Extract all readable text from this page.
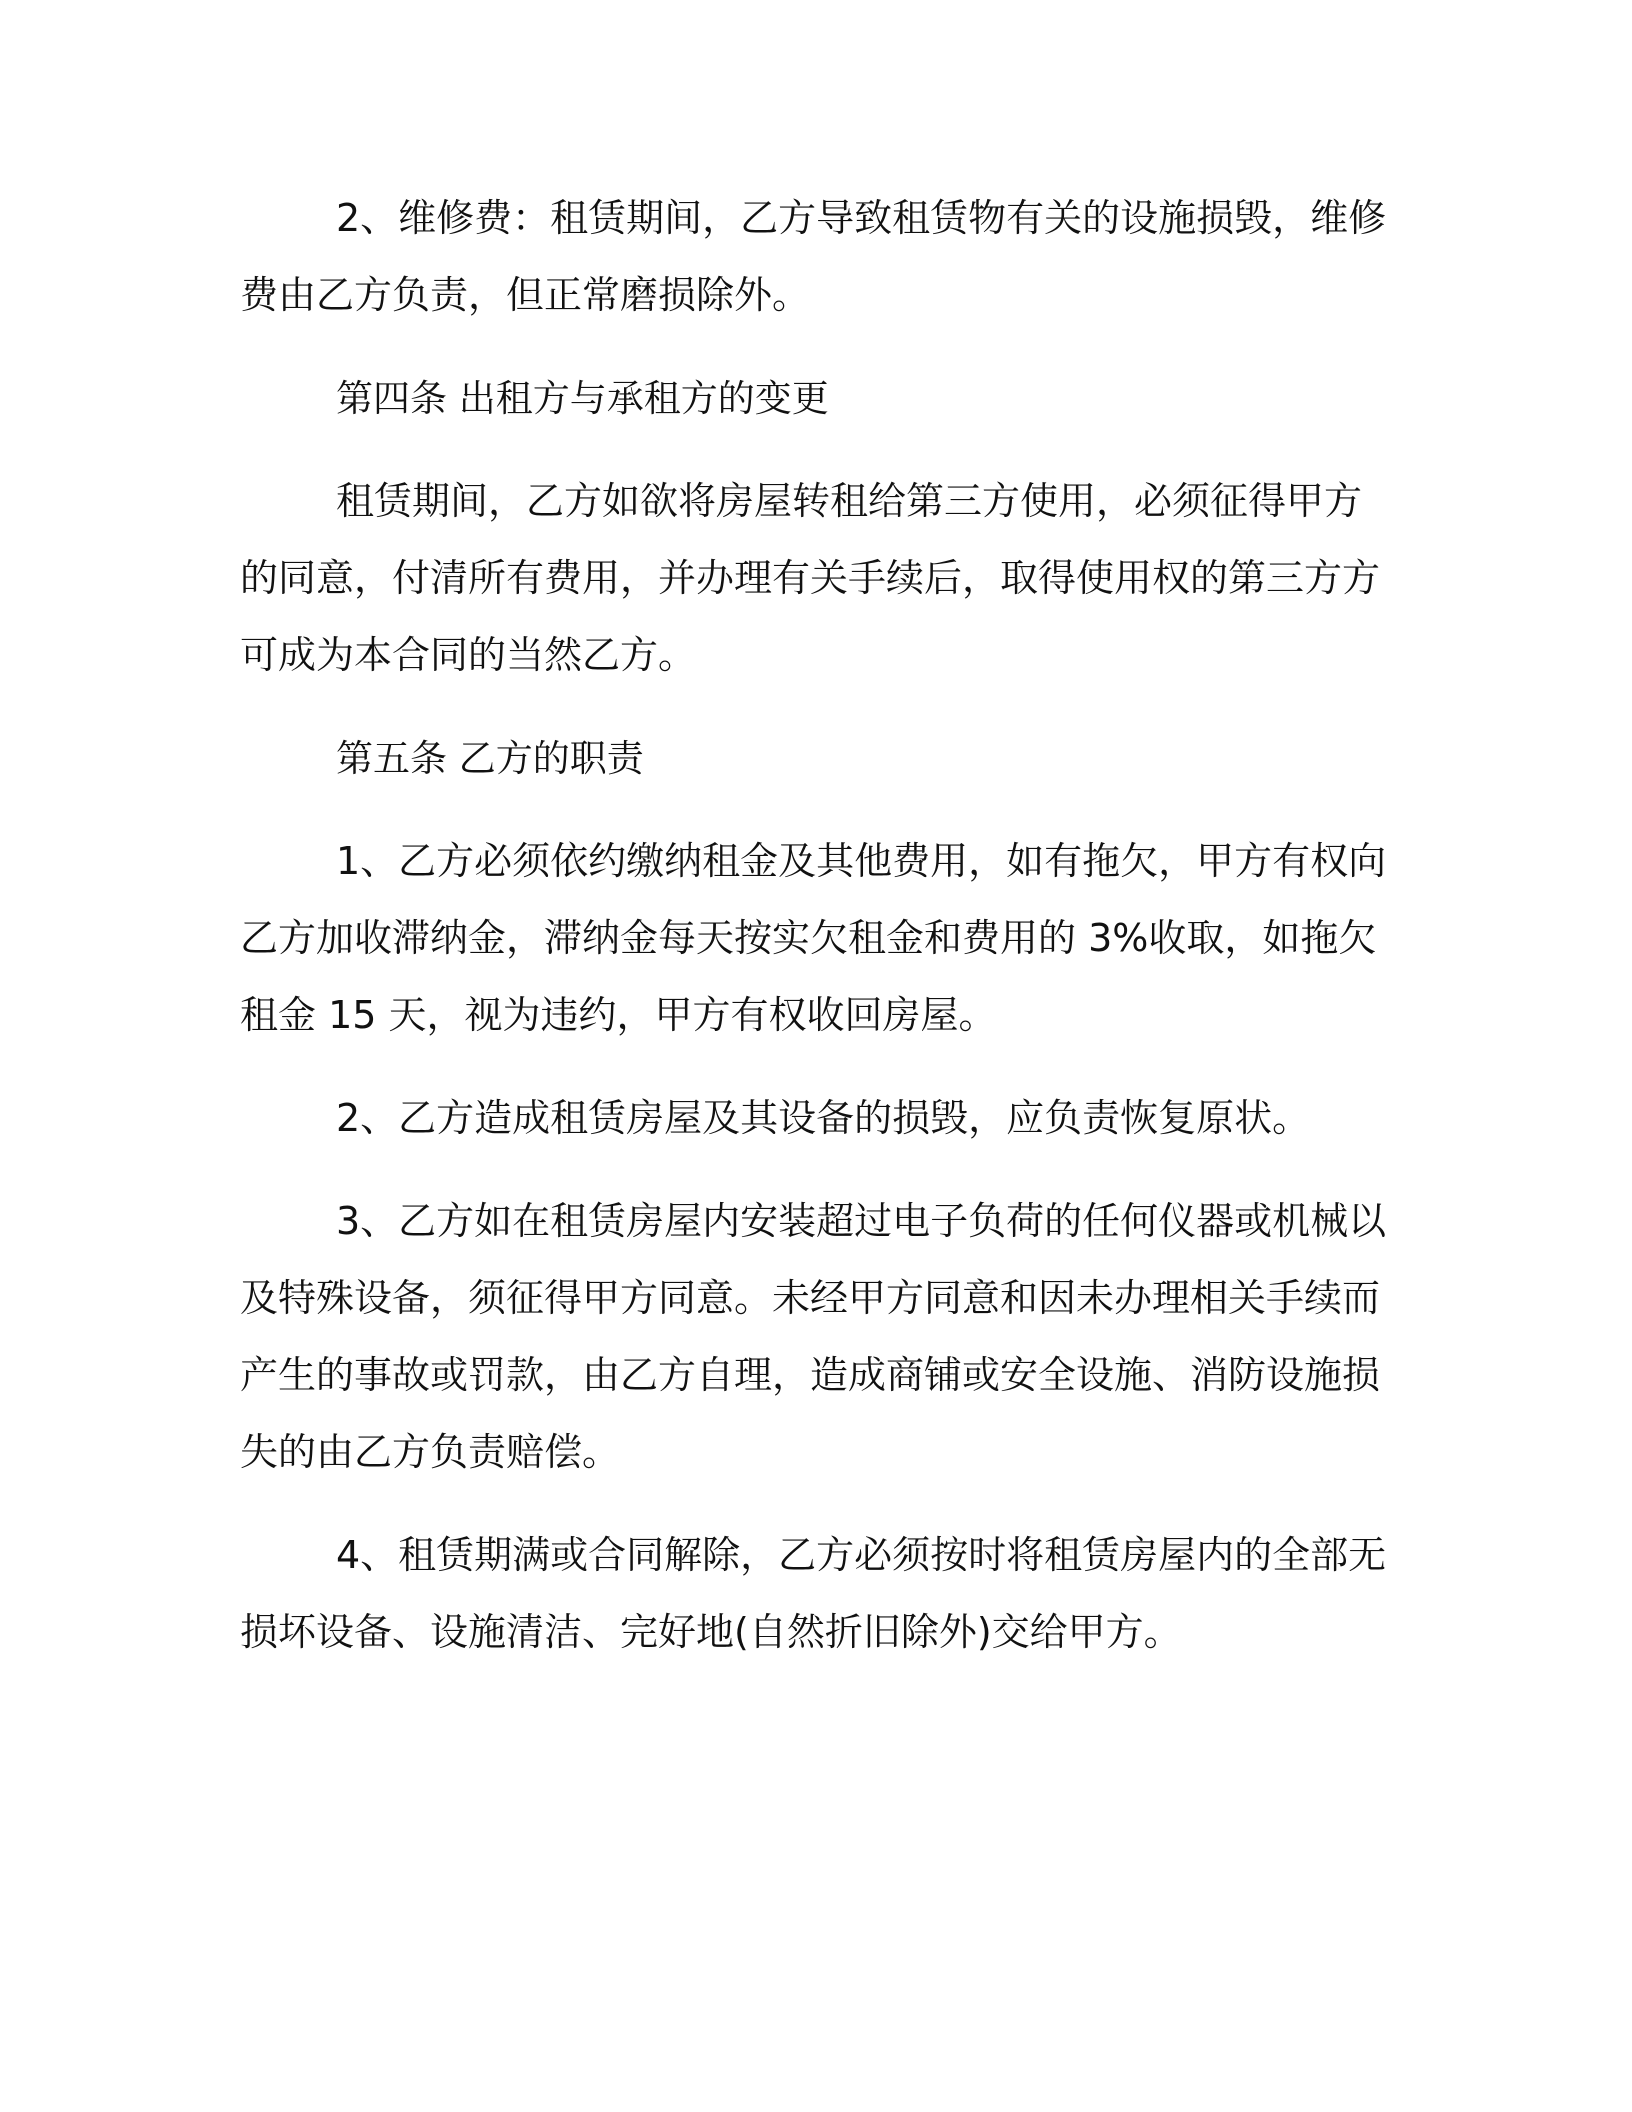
2、维修费：租赁期间，乙方导致租赁物有关的设施损毁，维修费由乙方负责，但正常磨损除外。

第四条 出租方与承租方的变更

租赁期间，乙方如欲将房屋转租给第三方使用，必须征得甲方的同意，付清所有费用，并办理有关手续后，取得使用权的第三方方可成为本合同的当然乙方。

第五条 乙方的职责

1、乙方必须依约缴纳租金及其他费用，如有拖欠，甲方有权向乙方加收滞纳金，滞纳金每天按实欠租金和费用的 3%收取，如拖欠租金 15 天，视为违约，甲方有权收回房屋。

2、乙方造成租赁房屋及其设备的损毁，应负责恢复原状。

3、乙方如在租赁房屋内安装超过电子负荷的任何仪器或机械以及特殊设备，须征得甲方同意。未经甲方同意和因未办理相关手续而产生的事故或罚款，由乙方自理，造成商铺或安全设施、消防设施损失的由乙方负责赔偿。

4、租赁期满或合同解除，乙方必须按时将租赁房屋内的全部无损坏设备、设施清洁、完好地(自然折旧除外)交给甲方。
